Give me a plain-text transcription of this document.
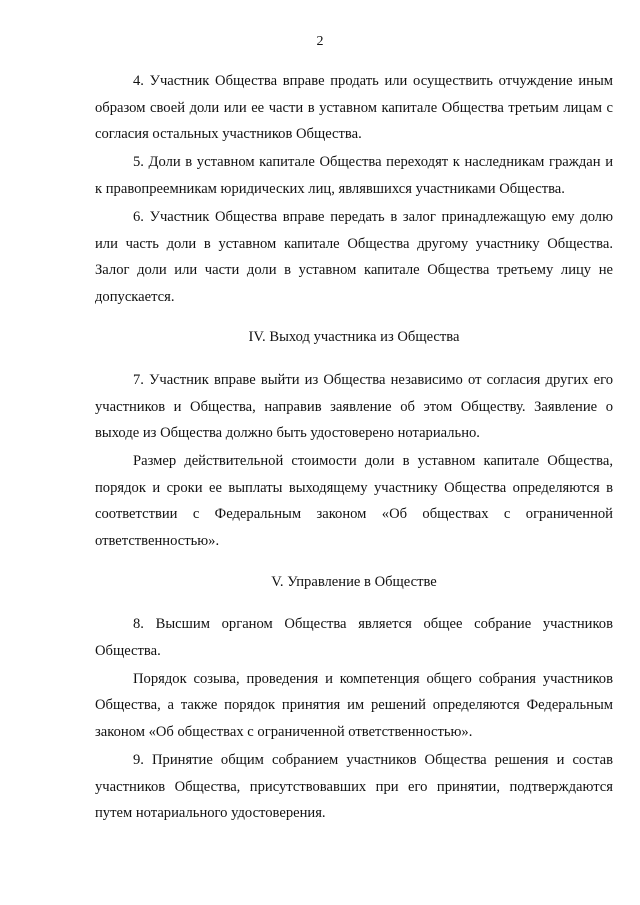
2

4. Участник Общества вправе продать или осуществить отчуждение иным образом своей доли или ее части в уставном капитале Общества третьим лицам с согласия остальных участников Общества.

5. Доли в уставном капитале Общества переходят к наследникам граждан и к правопреемникам юридических лиц, являвшихся участниками Общества.

6. Участник Общества вправе передать в залог принадлежащую ему долю или часть доли в уставном капитале Общества другому участнику Общества. Залог доли или части доли в уставном капитале Общества третьему лицу не допускается.

IV. Выход участника из Общества

7. Участник вправе выйти из Общества независимо от согласия других его участников и Общества, направив заявление об этом Обществу. Заявление о выходе из Общества должно быть удостоверено нотариально.

Размер действительной стоимости доли в уставном капитале Общества, порядок и сроки ее выплаты выходящему участнику Общества определяются в соответствии с Федеральным законом «Об обществах с ограниченной ответственностью».

V. Управление в Обществе

8. Высшим органом Общества является общее собрание участников Общества.

Порядок созыва, проведения и компетенция общего собрания участников Общества, а также порядок принятия им решений определяются Федеральным законом «Об обществах с ограниченной ответственностью».

9. Принятие общим собранием участников Общества решения и состав участников Общества, присутствовавших при его принятии, подтверждаются путем нотариального удостоверения.
